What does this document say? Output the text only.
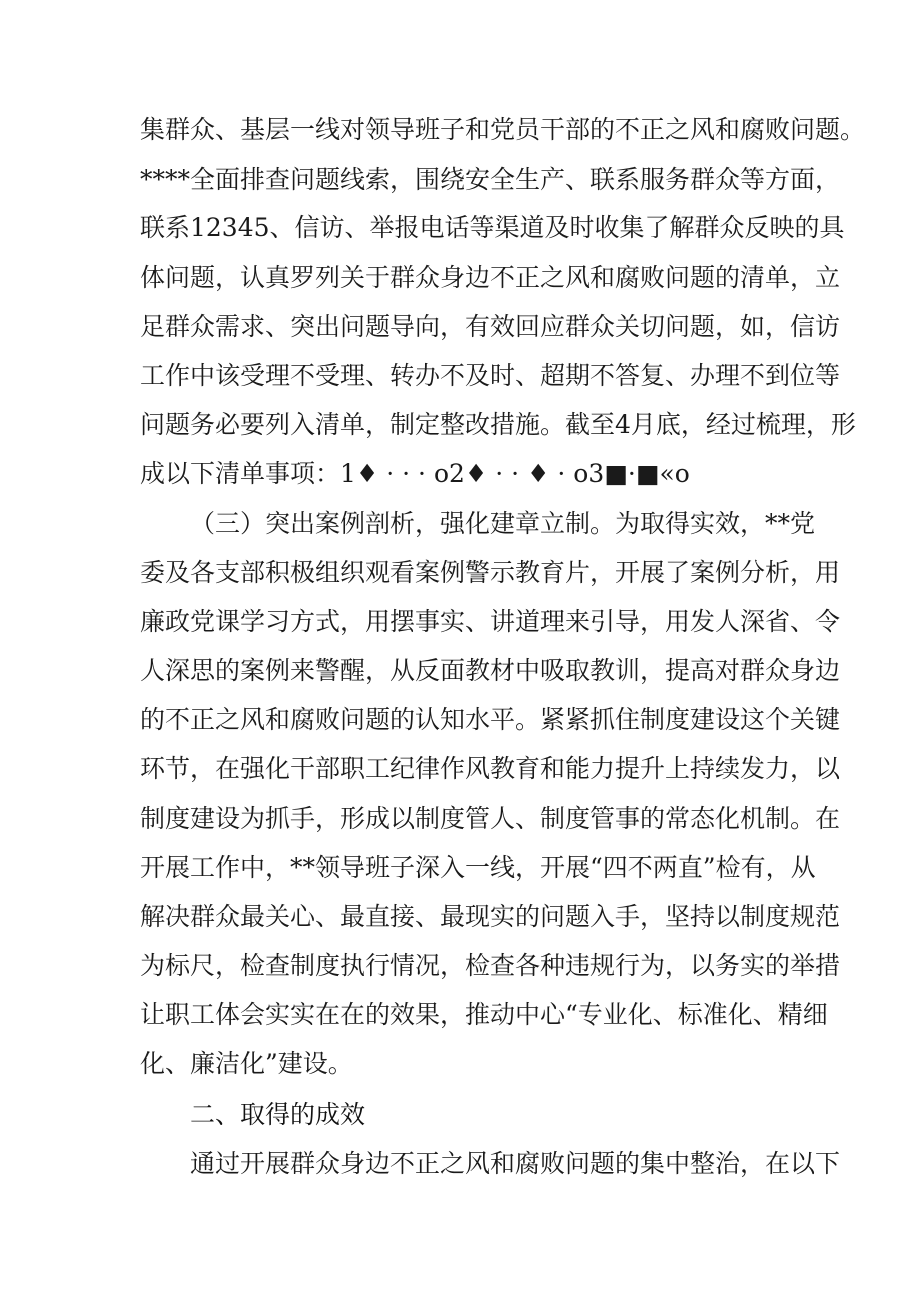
集群众、基层一线对领导班子和党员干部的不正之风和腐败问题。
****全面排查问题线索，围绕安全生产、联系服务群众等方面，
联系12345、信访、举报电话等渠道及时收集了解群众反映的具
体问题，认真罗列关于群众身边不正之风和腐败问题的清单，立
足群众需求、突出问题导向，有效回应群众关切问题，如，信访
工作中该受理不受理、转办不及时、超期不答复、办理不到位等
问题务必要列入清单，制定整改措施。截至4月底，经过梳理，形
成以下清单事项：1♦ · · · o2♦ · · ♦ · o3■·■«o
（三）突出案例剖析，强化建章立制。为取得实效，**党
委及各支部积极组织观看案例警示教育片，开展了案例分析，用
廉政党课学习方式，用摆事实、讲道理来引导，用发人深省、令
人深思的案例来警醒，从反面教材中吸取教训，提高对群众身边
的不正之风和腐败问题的认知水平。紧紧抓住制度建设这个关键
环节，在强化干部职工纪律作风教育和能力提升上持续发力，以
制度建设为抓手，形成以制度管人、制度管事的常态化机制。在
开展工作中，**领导班子深入一线，开展“四不两直”检有，从
解决群众最关心、最直接、最现实的问题入手，坚持以制度规范
为标尺，检查制度执行情况，检查各种违规行为，以务实的举措
让职工体会实实在在的效果，推动中心“专业化、标准化、精细
化、廉洁化”建设。
二、取得的成效
通过开展群众身边不正之风和腐败问题的集中整治，在以下
